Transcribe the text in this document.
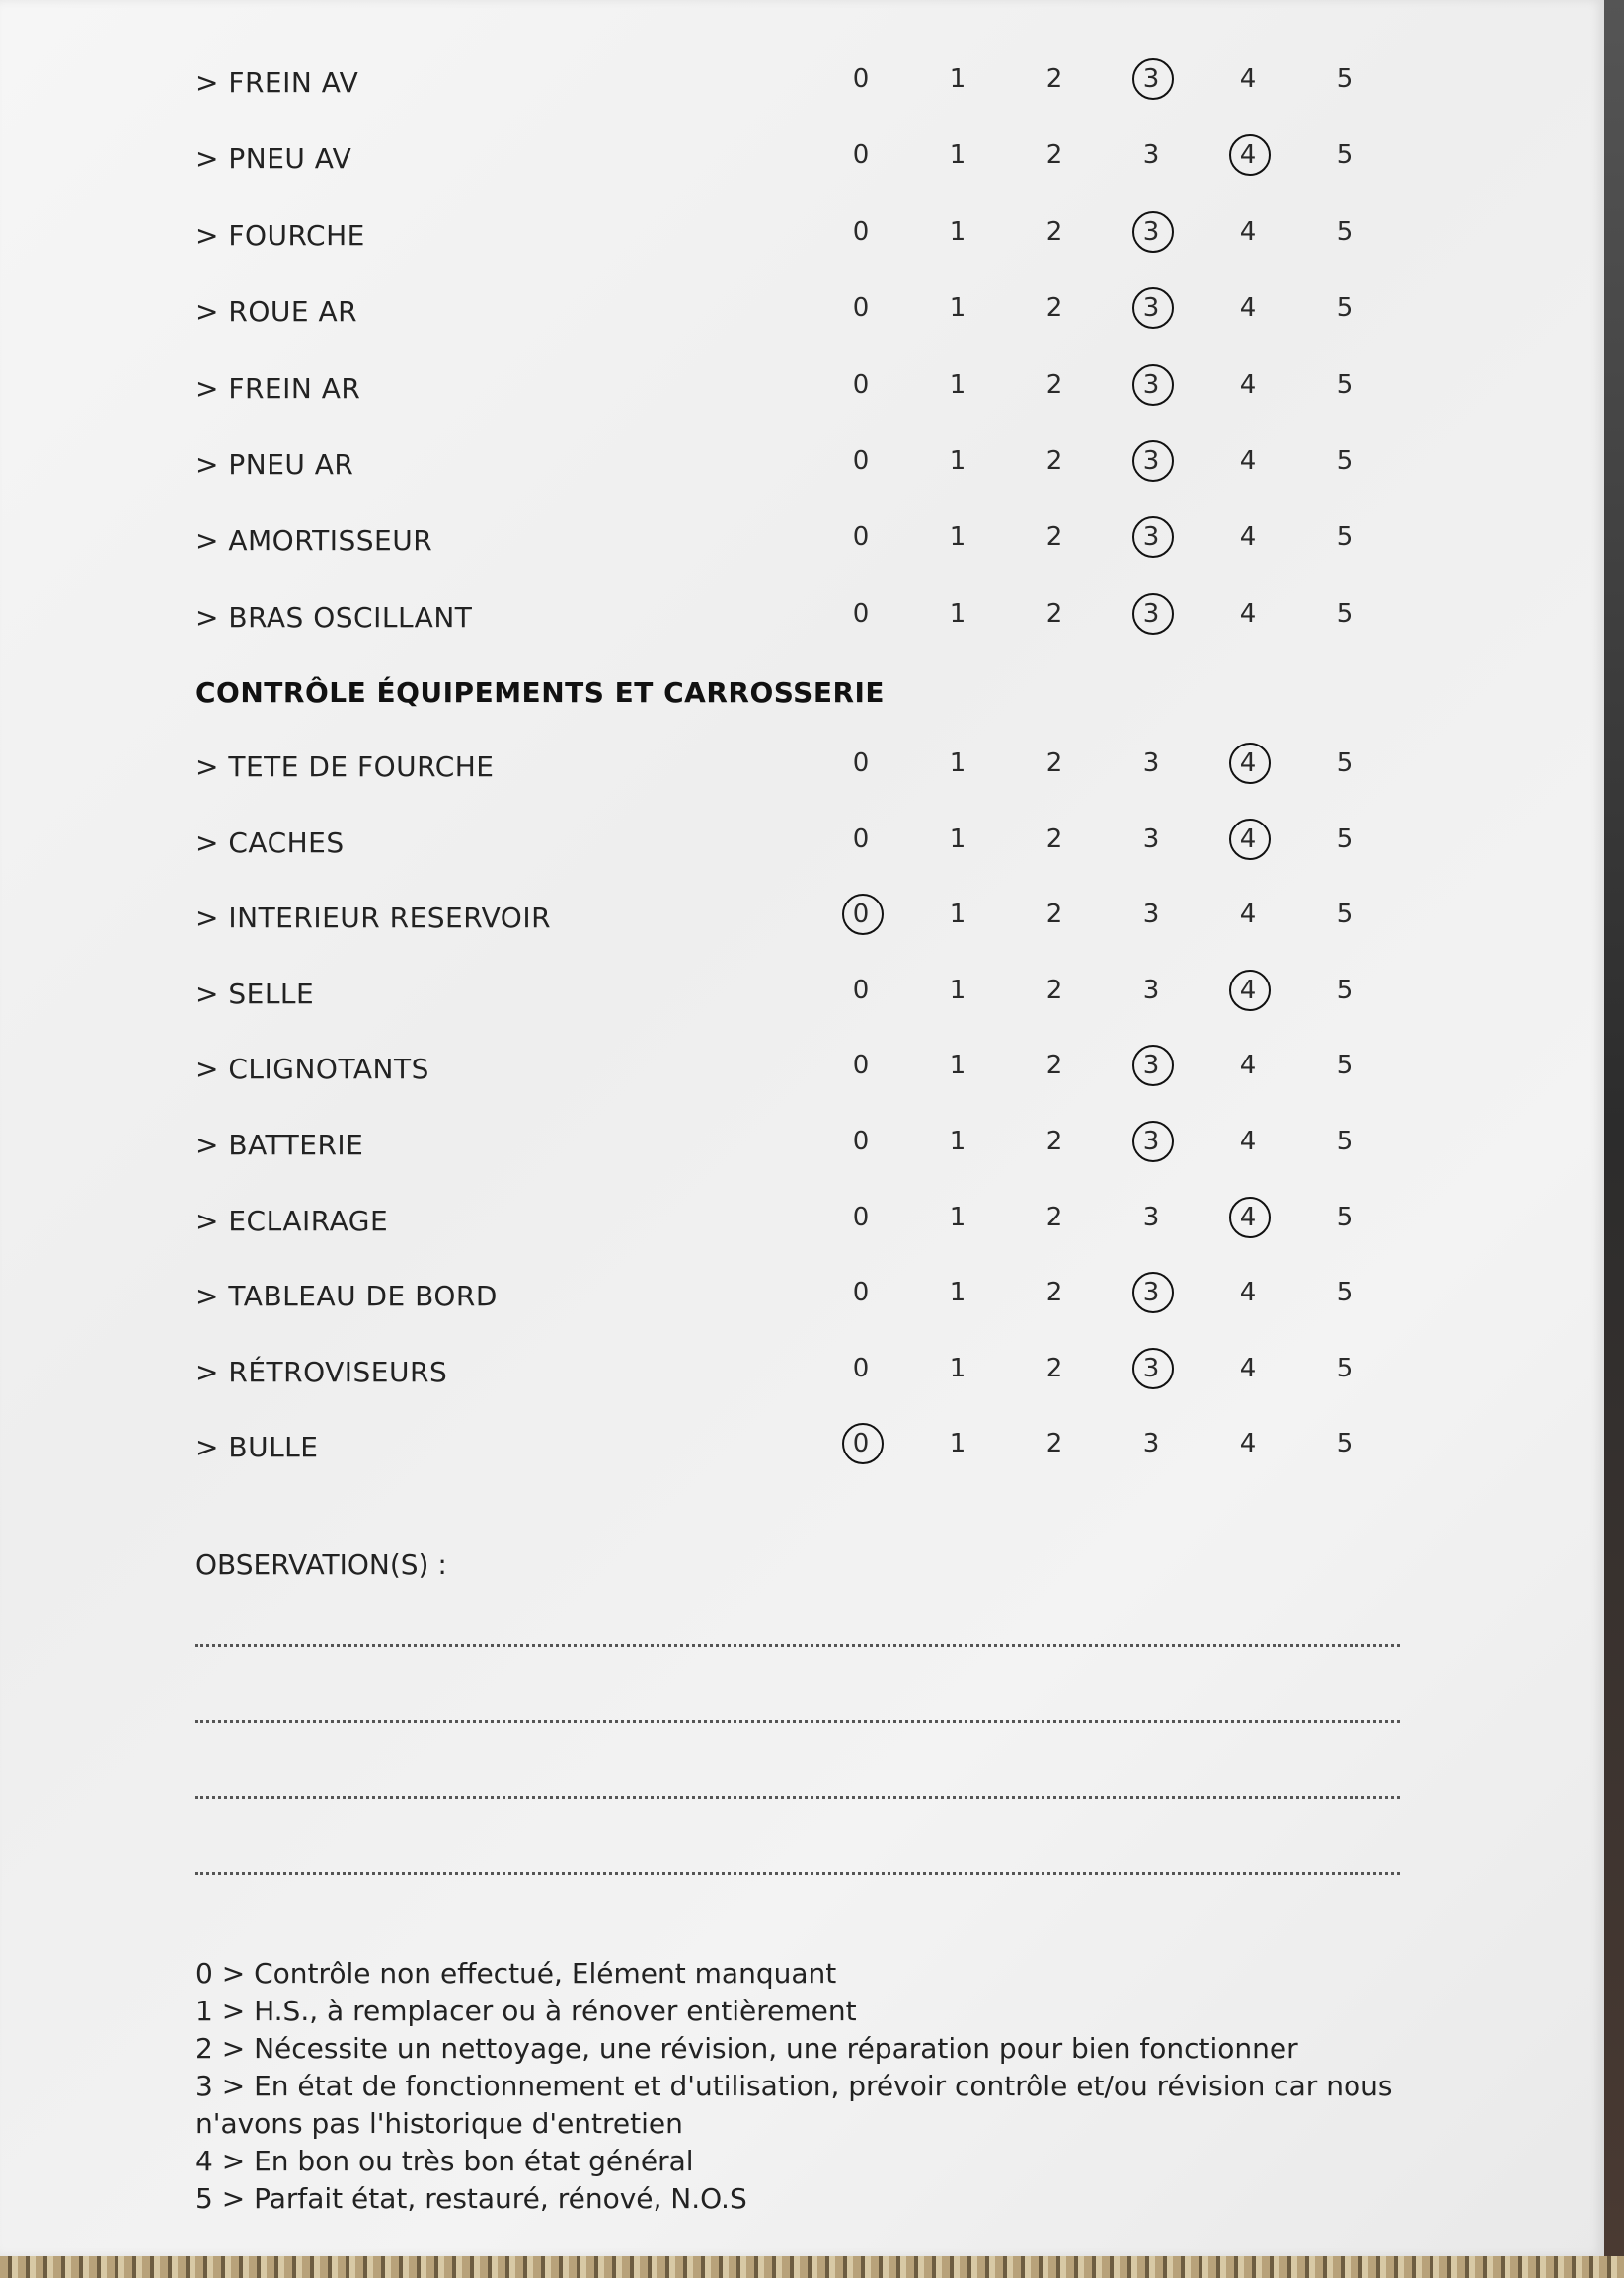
> FREIN AV	0	1	2	3	4	5
> PNEU AV	0	1	2	3	4	5
> FOURCHE	0	1	2	3	4	5
> ROUE AR	0	1	2	3	4	5
> FREIN AR	0	1	2	3	4	5
> PNEU AR	0	1	2	3	4	5
> AMORTISSEUR	0	1	2	3	4	5
> BRAS OSCILLANT	0	1	2	3	4	5
> TETE DE FOURCHE	0	1	2	3	4	5
> CACHES	0	1	2	3	4	5
> INTERIEUR RESERVOIR	0	1	2	3	4	5
> SELLE	0	1	2	3	4	5
> CLIGNOTANTS	0	1	2	3	4	5
> BATTERIE	0	1	2	3	4	5
> ECLAIRAGE	0	1	2	3	4	5
> TABLEAU DE BORD	0	1	2	3	4	5
> RÉTROVISEURS	0	1	2	3	4	5
> BULLE	0	1	2	3	4	5
CONTRÔLE ÉQUIPEMENTS ET CARROSSERIE
OBSERVATION(S) :
0 > Contrôle non effectué, Elément manquant
1 > H.S., à remplacer ou à rénover entièrement
2 > Nécessite un nettoyage, une révision, une réparation pour bien fonctionner
3 > En état de fonctionnement et d'utilisation, prévoir contrôle et/ou révision car nous
n'avons pas l'historique d'entretien
4 > En bon ou très bon état général
5 > Parfait état, restauré, rénové, N.O.S
